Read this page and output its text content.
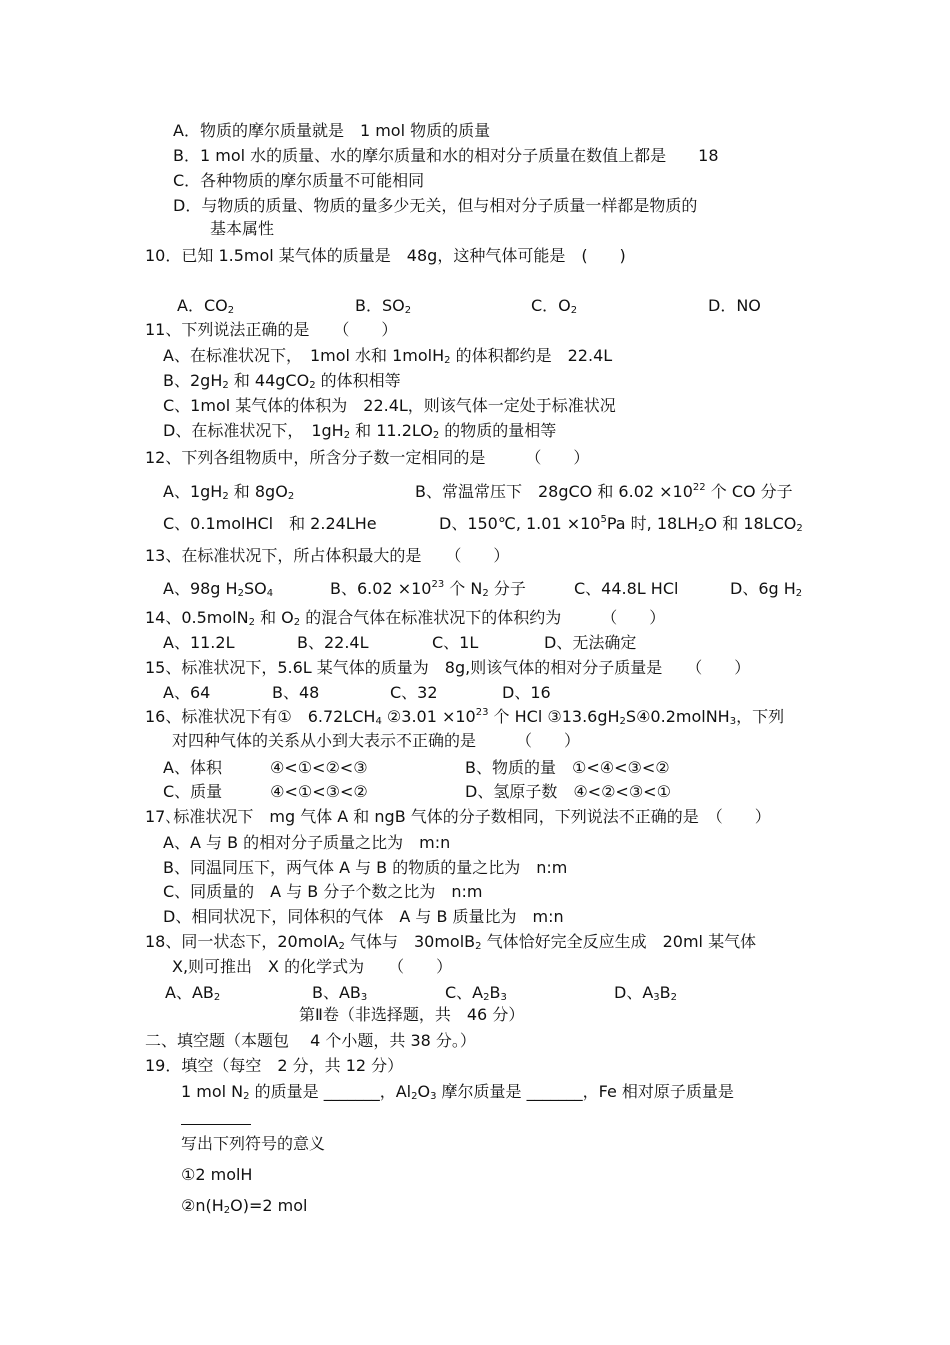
A．物质的摩尔质量就是　1 mol 物质的质量
B．1 mol 水的质量、水的摩尔质量和水的相对分子质量在数值上都是　　18
C．各种物质的摩尔质量不可能相同
D．与物质的质量、物质的量多少无关，但与相对分子质量一样都是物质的
基本属性
10．已知 1.5mol 某气体的质量是　48g，这种气体可能是　(　　)
A．$CO_2$	B．$SO_2$	C．$O_2$	D．NO
11、下列说法正确的是　　（　　）
A、在标准状况下，　1mol 水和 1molH$_2$ 的体积都约是　22.4L
B、$2gH_2$ 和 44gCO$_2$ 的体积相等
C、1mol 某气体的体积为　22.4L，则该气体一定处于标准状况
D、在标准状况下，　$1gH_2$ 和 $11.2LO_2$ 的物质的量相等
12、下列各组物质中，所含分子数一定相同的是　　　（　　）
A、$1gH_2$ 和 $8gO_2$	B、常温常压下　28gCO 和 $6.02 \times 10^{22}$ 个 CO 分子
C、0.1molHCl　和 2.24LHe	D、150℃, $1.01 \times 10^5Pa$ 时, $18LH_2O$ 和 $18LCO_2$
13、在标准状况下，所占体积最大的是　　（　　）
A、98g $H_2SO_4$	B、$6.02 \times 10^{23}$ 个 $N_2$ 分子	C、44.8L HCl	D、6g $H_2$
14、0.5molN$_2$ 和 $O_2$ 的混合气体在标准状况下的体积约为　　　（　　）
A、11.2L	B、22.4L	C、1L	D、无法确定
15、标准状况下，5.6L 某气体的质量为　8g,则该气体的相对分子质量是　　（　　）
A、64	B、48	C、32	D、16
16、标准状况下有①　$6.72LCH_4$ ②3.01 $\times 10^{23}$ 个 HCl $③13.6gH_2S④0.2molNH_3$，下列
对四种气体的关系从小到大表示不正确的是　　　（　　）
A、体积　　　④<①<②<③	B、物质的量　①<④<③<②
C、质量　　　④<①<③<②	D、氢原子数　④<②<③<①
17､标准状况下　mg 气体 A 和 ngB 气体的分子数相同，下列说法不正确的是　（　　）
A、A 与 B 的相对分子质量之比为　m:n
B、同温同压下，两气体 A 与 B 的物质的量之比为　n:m
C、同质量的　A 与 B 分子个数之比为　n:m
D、相同状况下，同体积的气体　A 与 B 质量比为　m:n
18、同一状态下，20molA$_2$ 气体与　30molB$_2$ 气体恰好完全反应生成　20ml 某气体
X,则可推出　X 的化学式为　　（　　）
A、$AB_2$	B、$AB_3$	C、$A_2B_3$	D、$A_3B_2$
第Ⅱ卷（非选择题，共　46 分）
二、填空题（本题包　 4 个小题，共 38 分。）
19．填空（每空　2 分，共 12 分）
1 mol $N_2$ 的质量是 _______，$Al_2O_3$ 摩尔质量是 _______，Fe 相对原子质量是
写出下列符号的意义
①2 molH
$②n(H_2O)=2$ mol
